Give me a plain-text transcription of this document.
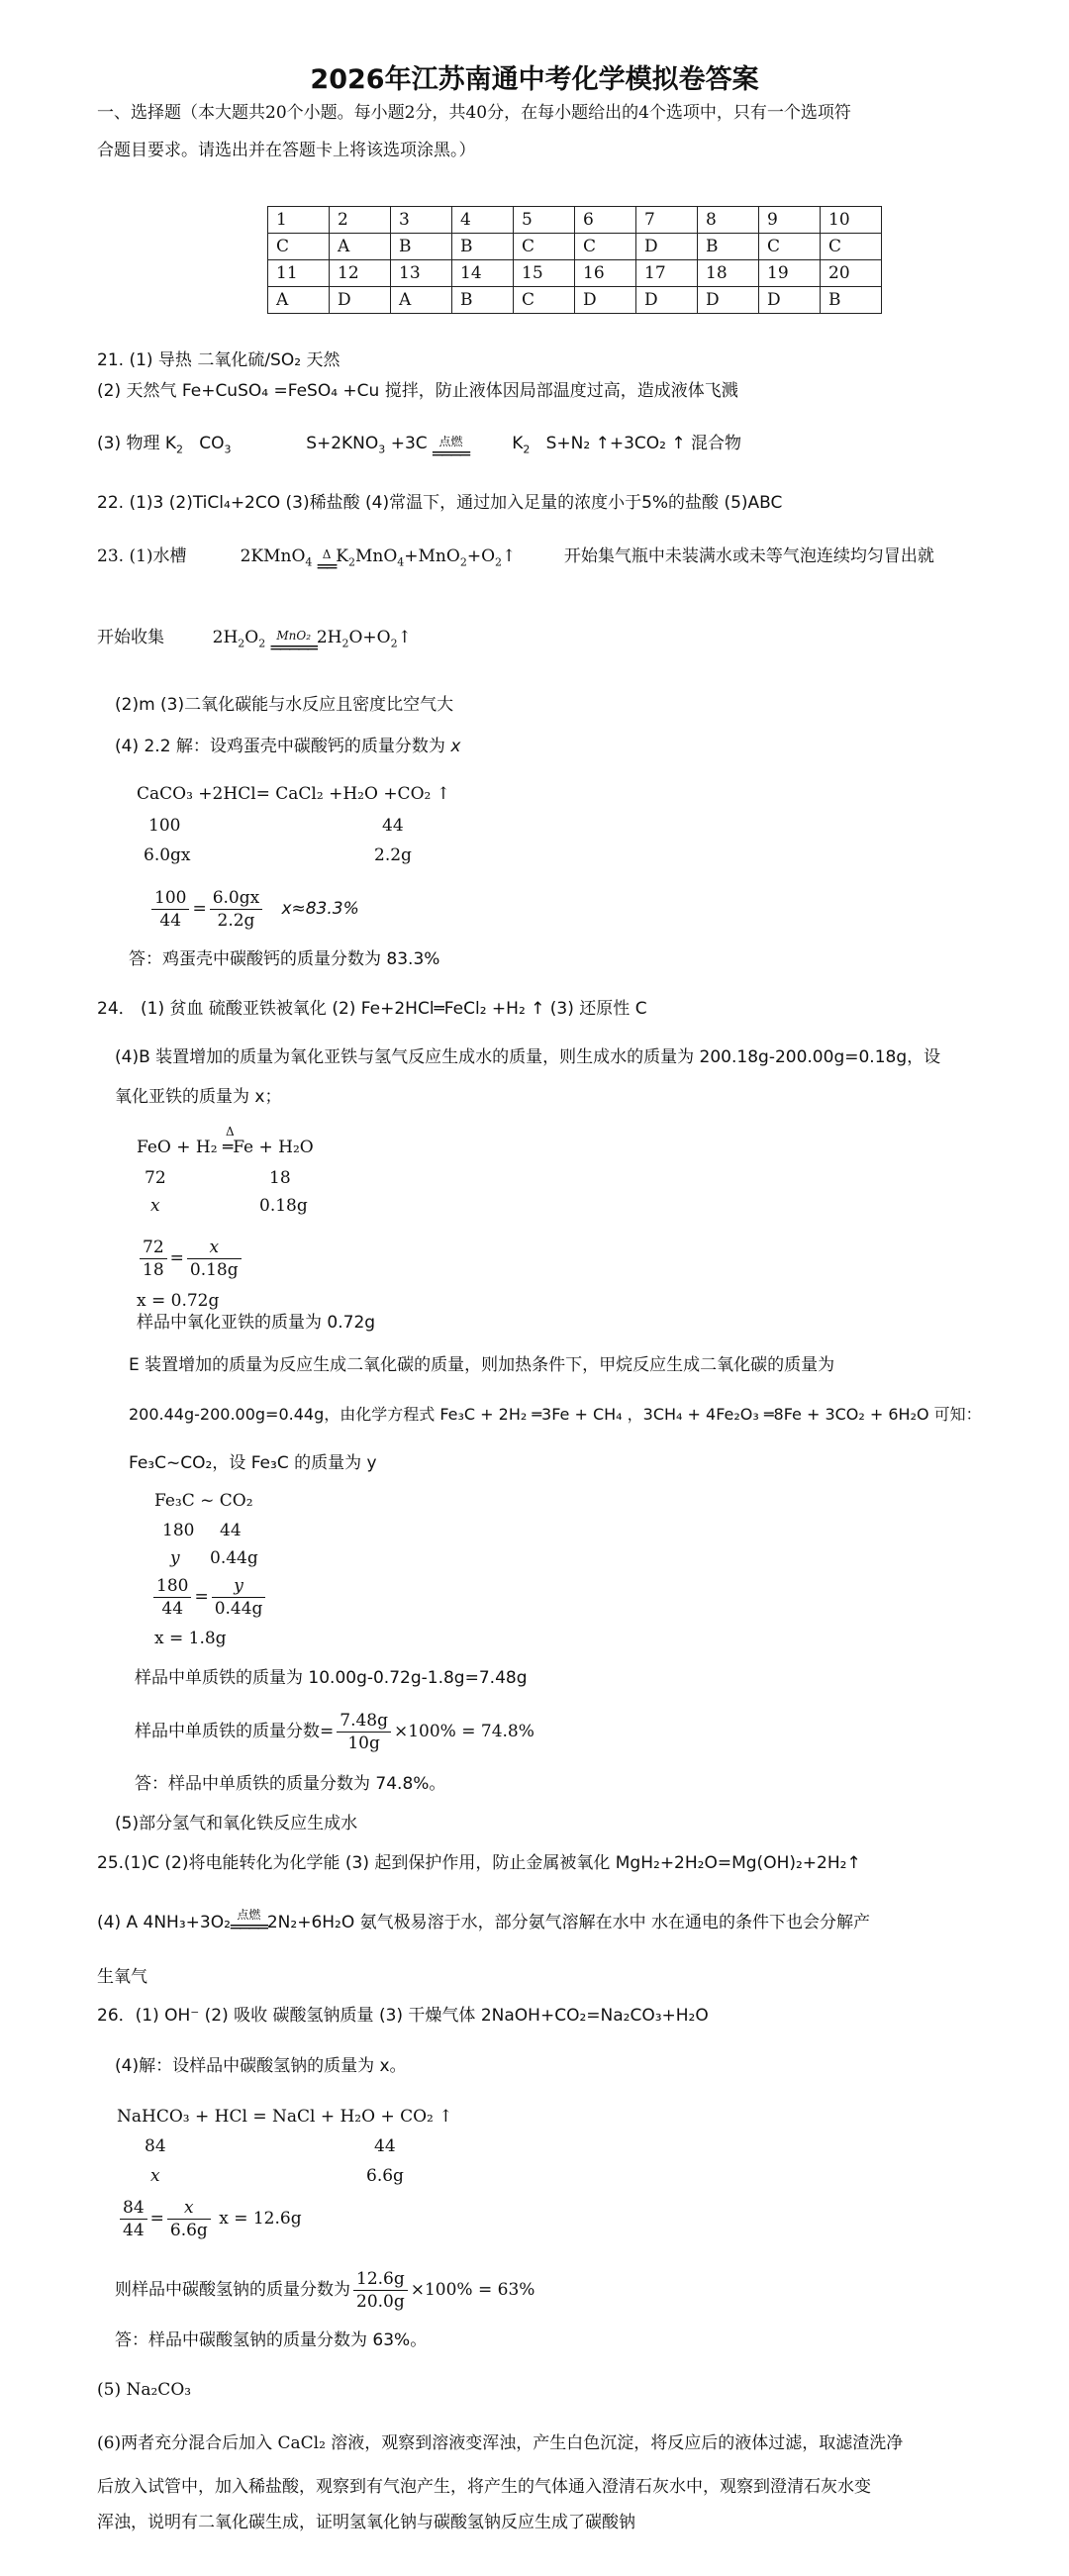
2026年江苏南通中考化学模拟卷答案
一、选择题（本大题共20个小题。每小题2分，共40分，在每小题给出的4个选项中，只有一个选项符
合题目要求。请选出并在答题卡上将该选项涂黑。）
1	2	3	4	5	6	7	8	9	10
C	A	B	B	C	C	D	B	C	C
11	12	13	14	15	16	17	18	19	20
A	D	A	B	C	D	D	D	D	B
21. (1) 导热 二氧化硫/SO₂ 天然
(2) 天然气 Fe+CuSO₄ =FeSO₄ +Cu 搅拌，防止液体因局部温度过高，造成液体飞溅
(3) 物理 $K_2$ $CO_3$	$S+2KNO_3 +3C$ 点燃
════
$K_2$ S+N₂ ↑+3CO₂ ↑ 混合物
22. (1)3 (2)TiCl₄+2CO (3)稀盐酸 (4)常温下，通过加入足量的浓度小于5%的盐酸 (5)ABC
23. (1)水槽	2KMnO$_4$
Δ
══
$K_2MnO_4+MnO_2+O_2↑$	开始集气瓶中未装满水或未等气泡连续均匀冒出就
开始收集	$2H_2O_2$
MnO₂
═════
$2H_2O+O_2↑$
(2)m (3)二氧化碳能与水反应且密度比空气大
(4) 2.2 解：设鸡蛋壳中碳酸钙的质量分数为 x
CaCO₃ +2HCl= CaCl₂ +H₂O +CO₂ ↑
100	44
6.0gx	2.2g
$\frac{100}{44} = \frac{6.0gx}{2.2g} x\approx 83.3\%$
答：鸡蛋壳中碳酸钙的质量分数为 83.3%
24． (1) 贫血 硫酸亚铁被氧化 (2) Fe+2HCl═FeCl₂ +H₂ ↑ (3) 还原性 C
(4)B 装置增加的质量为氧化亚铁与氢气反应生成水的质量，则生成水的质量为 200.18g-200.00g=0.18g，设
氧化亚铁的质量为 x；
FeO + H₂ ═Fe + H₂O
Δ
72	18
x	0.18g
$\frac{72}{18} = \frac{x}{0.18g}$
x = 0.72g
样品中氧化亚铁的质量为 0.72g
E 装置增加的质量为反应生成二氧化碳的质量，则加热条件下，甲烷反应生成二氧化碳的质量为
200.44g-200.00g=0.44g，由化学方程式 Fe₃C + 2H₂ ═3Fe + CH₄ ，3CH₄ + 4Fe₂O₃ ═8Fe + 3CO₂ + 6H₂O 可知：
Fe₃C~CO₂，设 Fe₃C 的质量为 y
Fe₃C ~ CO₂
180 44
y 0.44g
$\frac{180}{44} = \frac{y}{0.44g}$
x = 1.8g
样品中单质铁的质量为 10.00g-0.72g-1.8g=7.48g
样品中单质铁的质量分数= $\frac{7.48g}{10g} \times 100\% = 74.8\%$
答：样品中单质铁的质量分数为 74.8%。
(5)部分氢气和氧化铁反应生成水
25.(1)C (2)将电能转化为化学能 (3) 起到保护作用，防止金属被氧化 MgH₂+2H₂O=Mg(OH)₂+2H₂↑
(4) A 4NH₃+3O₂ 点燃
════ 2N₂+6H₂O 氨气极易溶于水，部分氨气溶解在水中 水在通电的条件下也会分解产
生氧气
26．(1) OH⁻ (2) 吸收 碳酸氢钠质量 (3) 干燥气体 2NaOH+CO₂=Na₂CO₃+H₂O
(4)解：设样品中碳酸氢钠的质量为 x。
NaHCO₃ + HCl = NaCl + H₂O + CO₂ ↑
84	44
x	6.6g
$\frac{84}{44} = \frac{x}{6.6g}$ x = 12.6g
则样品中碳酸氢钠的质量分数为 $\frac{12.6g}{20.0g} \times 100\% = 63\%$
答：样品中碳酸氢钠的质量分数为 63%。
(5) Na₂CO₃
(6)两者充分混合后加入 CaCl₂ 溶液，观察到溶液变浑浊，产生白色沉淀，将反应后的液体过滤，取滤渣洗净
后放入试管中，加入稀盐酸，观察到有气泡产生，将产生的气体通入澄清石灰水中，观察到澄清石灰水变
浑浊，说明有二氧化碳生成，证明氢氧化钠与碳酸氢钠反应生成了碳酸钠
